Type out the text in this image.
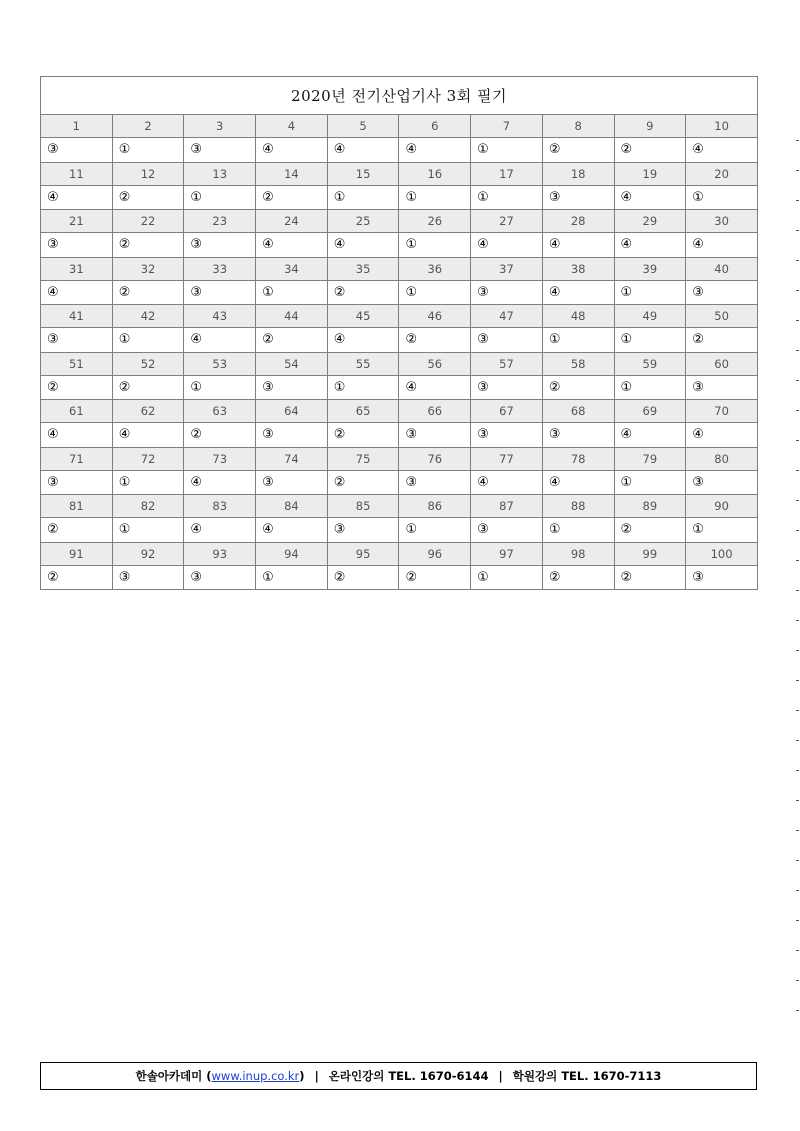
2020년 전기산업기사 3회 필기									
1	2	3	4	5	6	7	8	9	10
③	①	③	④	④	④	①	②	②	④
11	12	13	14	15	16	17	18	19	20
④	②	①	②	①	①	①	③	④	①
21	22	23	24	25	26	27	28	29	30
③	②	③	④	④	①	④	④	④	④
31	32	33	34	35	36	37	38	39	40
④	②	③	①	②	①	③	④	①	③
41	42	43	44	45	46	47	48	49	50
③	①	④	②	④	②	③	①	①	②
51	52	53	54	55	56	57	58	59	60
②	②	①	③	①	④	③	②	①	③
61	62	63	64	65	66	67	68	69	70
④	④	②	③	②	③	③	③	④	④
71	72	73	74	75	76	77	78	79	80
③	①	④	③	②	③	④	④	①	③
81	82	83	84	85	86	87	88	89	90
②	①	④	④	③	①	③	①	②	①
91	92	93	94	95	96	97	98	99	100
②	③	③	①	②	②	①	②	②	③
한솔아카데미 (www.inup.co.kr) | 온라인강의 TEL. 1670-6144 | 학원강의 TEL. 1670-7113
